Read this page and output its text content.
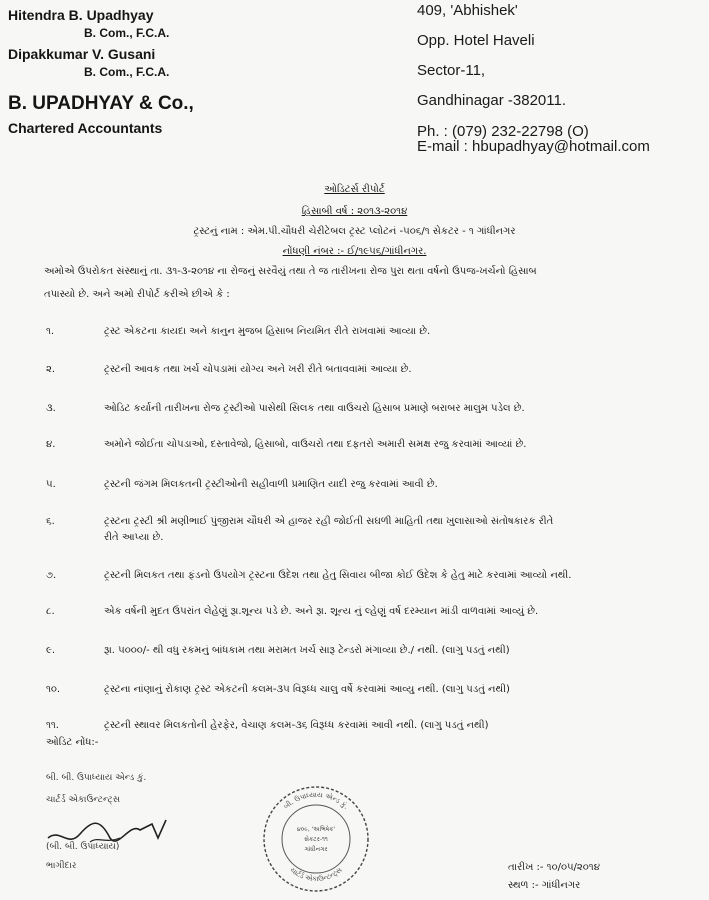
Hitendra B. Upadhyay
B. Com., F.C.A.
Dipakkumar V. Gusani
B. Com., F.C.A.
B. UPADHYAY & Co.,
Chartered Accountants
409, 'Abhishek'
Opp. Hotel Haveli
Sector-11,
Gandhinagar -382011.
Ph. : (079) 232-22798 (O)
E-mail : hbupadhyay@hotmail.com
ઓડિટર્સ રીપોર્ટ
હિસાબી વર્ષ : ૨૦૧૩-૨૦૧૪
ટ્રસ્ટનું નામ : એમ.પી.ચૌધરી ચેરીટેબલ ટ્રસ્ટ પ્લોટનં -૫૦૬/૧ સેકટર - ૧ ગાંધીનગર
નોંધણી નંબર :- ઈ/૧૯૫૬/ગાંધીનગર.
અમોએ ઉપરોકત સંસ્થાનું તા. ૩૧-૩-૨૦૧૪ ના રોજનું સરવૈયું તથા તે જ તારીખના રોજ પુરા થતા વર્ષનો ઉપજ-ખર્ચનો હિસાબ
તપાસ્યો છે. અને અમો રીપોર્ટ કરીએ છીએ કે :
૧.	ટ્રસ્ટ એકટના કાયદા અને કાનુન મુજબ હિસાબ નિયમિત રીતે રાખવામાં આવ્યા છે.
૨.	ટ્રસ્ટની આવક તથા ખર્ચ ચોપડામાં યોગ્ય અને ખરી રીતે બતાવવામાં આવ્યા છે.
૩.	ઓડિટ કર્યાની તારીખના રોજ ટ્રસ્ટીઓ પાસેથી સિલક તથા વાઉચરો હિસાબ પ્રમાણે બરાબર માલુમ પડેલ છે.
૪.	અમોને જોઈતા ચોપડાઓ, દસ્તાવેજો, હિસાબો, વાઉચરો તથા દફતરો અમારી સમક્ષ રજુ કરવામાં આવ્યાં છે.
૫.	ટ્રસ્ટની જંગમ મિલકતની ટ્રસ્ટીઓની સહીવાળી પ્રમાણિત યાદી રજુ કરવામાં આવી છે.
૬.	ટ્રસ્ટના ટ્રસ્ટી શ્રી મણીભાઈ પુંજીરામ ચૌધરી એ હાજર રહી જોઈતી સઘળી માહિતી તથા ખુલાસાઓ સંતોષકારક રીતે
રીતે આપ્યા છે.
૭.	ટ્રસ્ટની મિલકત તથા ફંડનો ઉપયોગ ટ્રસ્ટના ઉદેશ તથા હેતુ સિવાય બીજા કોઈ ઉદેશ કે હેતુ માટે કરવામાં આવ્યો નથી.
૮.	એક વર્ષની મુદત ઉપરાંત લેહેણું રૂા.શૂન્ય પડે છે. અને રૂા. શૂન્ય નું લ્હેણું વર્ષ દરમ્યાન માંડી વાળવામાં આવ્યું છે.
૯.	રૂા. ૫૦૦૦/- થી વધુ રકમનું બાંધકામ તથા મરામત ખર્ચ સારૂ ટેન્ડરો મંગાવ્યા છે./ નથી. (લાગુ પડતું નથી)
૧૦.	ટ્રસ્ટના નાંણાનું રોકાણ ટ્રસ્ટ એકટની કલમ-૩૫ વિરૂધ્ધ ચાલુ વર્ષે કરવામાં આવ્યુ નથી. (લાગુ પડતું નથી)
૧૧.	ટ્રસ્ટની સ્થાવર મિલકતોની હેરફેર, વેચાણ કલમ-૩૬ વિરૂધ્ધ કરવામાં આવી નથી. (લાગુ પડતું નથી)
ઓડિટ નોંધ:-
બી. બી. ઉપાધ્યાય એન્ડ કું.
ચાર્ટર્ડ એકાઉન્ટન્ટ્સ
(બી. બી. ઉપાધ્યાય)
ભાગીદાર
બી. ઉપાધ્યાય એન્ડ કું.
ચાર્ટર્ડ એકાઉન્ટન્ટ્સ
૪૦૯, 'અભિષેક'
સેકટર-૧૧
ગાંધીનગર
તારીખ :- ૧૦/૦૫/૨૦૧૪
સ્થળ :- ગાંધીનગર
